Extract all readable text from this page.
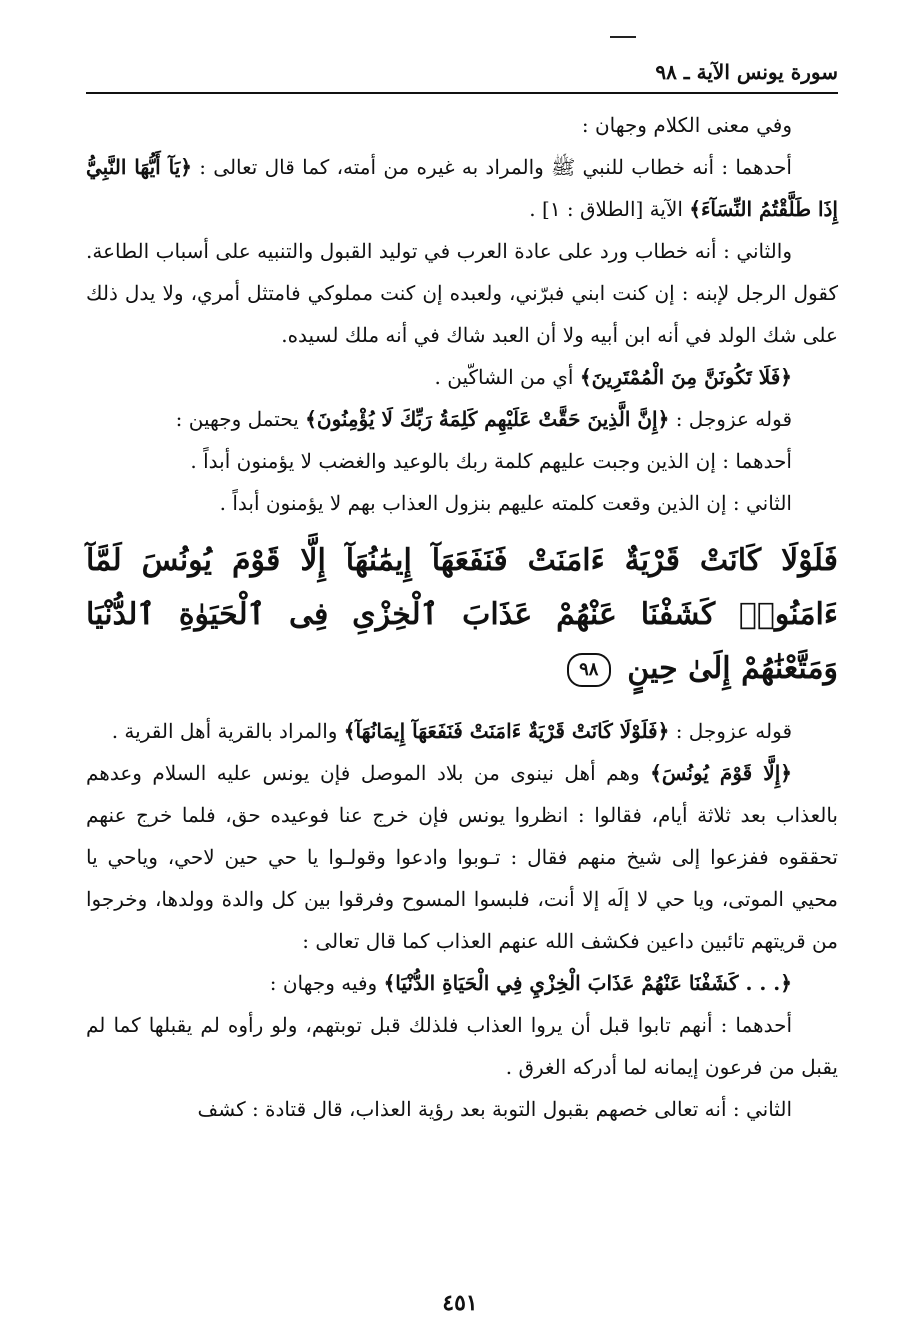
سورة يونس الآية ـ ٩٨

وفي معنى الكلام وجهان :

أحدهما : أنه خطاب للنبي ﷺ والمراد به غيره من أمته، كما قال تعالى : ﴿يَآ أَيُّهَا النَّبِيُّ إِذَا طَلَّقْتُمُ النِّسَآءَ﴾ الآية [الطلاق : ١] .

والثاني : أنه خطاب ورد على عادة العرب في توليد القبول والتنبيه على أسباب الطاعة. كقول الرجل لإبنه : إن كنت ابني فبرّني، ولعبده إن كنت مملوكي فامتثل أمري، ولا يدل ذلك على شك الولد في أنه ابن أبيه ولا أن العبد شاك في أنه ملك لسيده.

﴿فَلَا تَكُونَنَّ مِنَ الْمُمْتَرِينَ﴾ أي من الشاكّين .

قوله عزوجل : ﴿إِنَّ الَّذِينَ حَقَّتْ عَلَيْهِم كَلِمَةُ رَبِّكَ لَا يُؤْمِنُونَ﴾ يحتمل وجهين :

أحدهما : إن الذين وجبت عليهم كلمة ربك بالوعيد والغضب لا يؤمنون أبداً .

الثاني : إن الذين وقعت كلمته عليهم بنزول العذاب بهم لا يؤمنون أبداً .

فَلَوْلَا كَانَتْ قَرْيَةٌ ءَامَنَتْ فَنَفَعَهَآ إِيمَٰنُهَآ إِلَّا قَوْمَ يُونُسَ لَمَّآ ءَامَنُوا۟ كَشَفْنَا عَنْهُمْ عَذَابَ ٱلْخِزْىِ فِى ٱلْحَيَوٰةِ ٱلدُّنْيَا وَمَتَّعْنَٰهُمْ إِلَىٰ حِينٍ ٩٨

قوله عزوجل : ﴿فَلَوْلَا كَانَتْ قَرْيَةٌ ءَامَنَتْ فَنَفَعَهَآ إِيمَانُهَآ﴾ والمراد بالقرية أهل القرية .

﴿إِلَّا قَوْمَ يُونُسَ﴾ وهم أهل نينوى من بلاد الموصل فإن يونس عليه السلام وعدهم بالعذاب بعد ثلاثة أيام، فقالوا : انظروا يونس فإن خرج عنا فوعيده حق، فلما خرج عنهم تحققوه ففزعوا إلى شيخ منهم فقال : تـوبوا وادعوا وقولـوا يا حي حين لاحي، وياحي يا محيي الموتى، ويا حي لا إلَه إلا أنت، فلبسوا المسوح وفرقوا بين كل والدة وولدها، وخرجوا من قريتهم تائبين داعين فكشف الله عنهم العذاب كما قال تعالى :

﴿. . . كَشَفْنَا عَنْهُمْ عَذَابَ الْخِزْيِ فِي الْحَيَاةِ الدُّنْيَا﴾ وفيه وجهان :

أحدهما : أنهم تابوا قبل أن يروا العذاب فلذلك قبل توبتهم، ولو رأوه لم يقبلها كما لم يقبل من فرعون إيمانه لما أدركه الغرق .

الثاني : أنه تعالى خصهم بقبول التوبة بعد رؤية العذاب، قال قتادة : كشف

٤٥١
